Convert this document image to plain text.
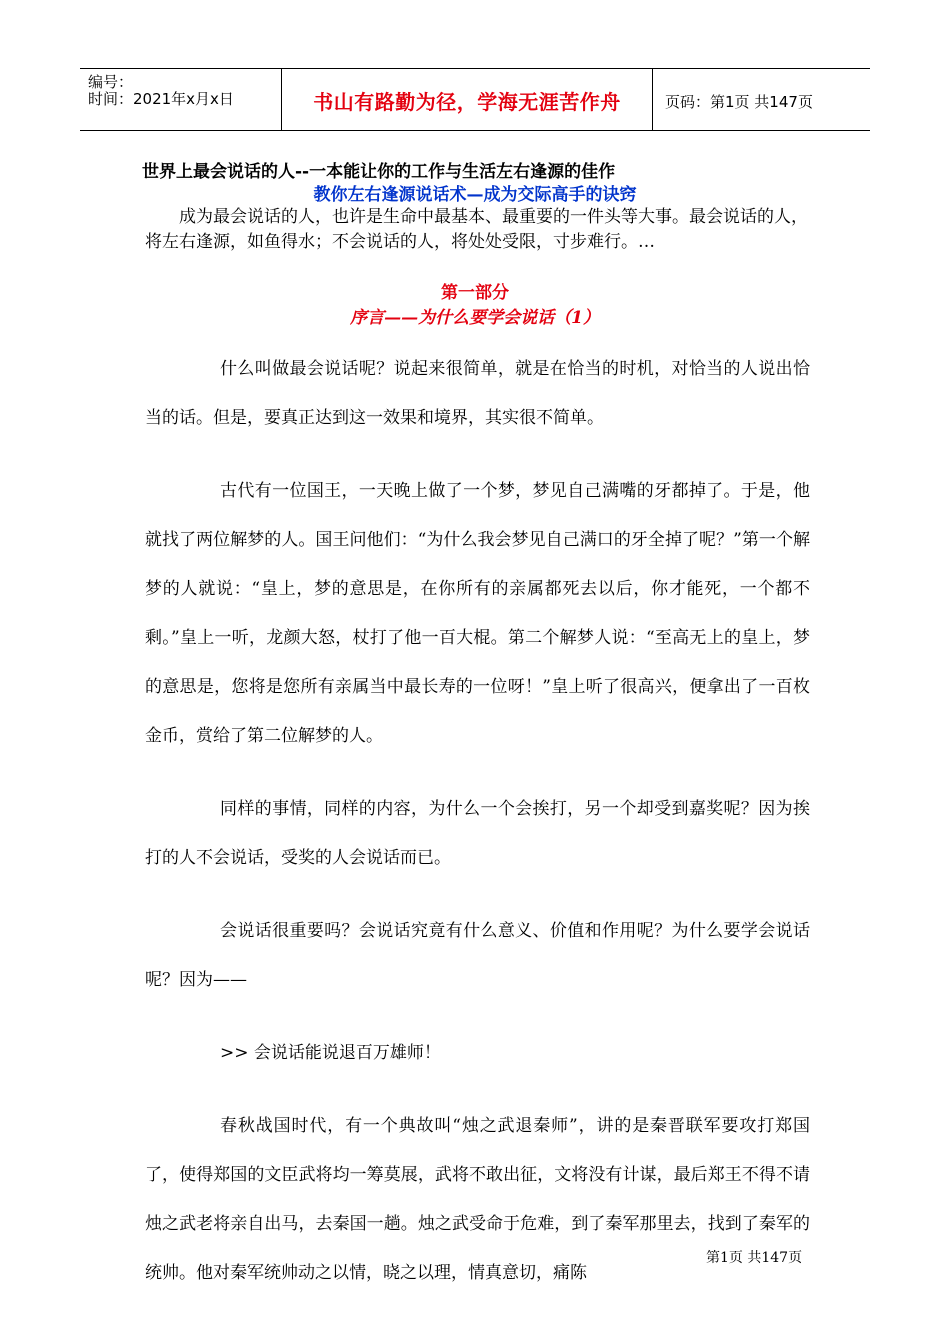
编号：
时间：2021年x月x日	书山有路勤为径，学海无涯苦作舟	页码：第1页 共147页
世界上最会说话的人--一本能让你的工作与生活左右逢源的佳作
教你左右逢源说话术—成为交际高手的诀窍
成为最会说话的人，也许是生命中最基本、最重要的一件头等大事。最会说话的人，将左右逢源，如鱼得水；不会说话的人，将处处受限，寸步难行。…
第一部分
序言——为什么要学会说话（1）

什么叫做最会说话呢？说起来很简单，就是在恰当的时机，对恰当的人说出恰当的话。但是，要真正达到这一效果和境界，其实很不简单。

古代有一位国王，一天晚上做了一个梦，梦见自己满嘴的牙都掉了。于是，他就找了两位解梦的人。国王问他们：“为什么我会梦见自己满口的牙全掉了呢？”第一个解梦的人就说：“皇上，梦的意思是，在你所有的亲属都死去以后，你才能死，一个都不剩。”皇上一听，龙颜大怒，杖打了他一百大棍。第二个解梦人说：“至高无上的皇上，梦的意思是，您将是您所有亲属当中最长寿的一位呀！”皇上听了很高兴，便拿出了一百枚金币，赏给了第二位解梦的人。

同样的事情，同样的内容，为什么一个会挨打，另一个却受到嘉奖呢？因为挨打的人不会说话，受奖的人会说话而已。

会说话很重要吗？会说话究竟有什么意义、价值和作用呢？为什么要学会说话呢？因为——

>> 会说话能说退百万雄师！

春秋战国时代，有一个典故叫“烛之武退秦师”，讲的是秦晋联军要攻打郑国了，使得郑国的文臣武将均一筹莫展，武将不敢出征，文将没有计谋，最后郑王不得不请烛之武老将亲自出马，去秦国一趟。烛之武受命于危难，到了秦军那里去，找到了秦军的统帅。他对秦军统帅动之以情，晓之以理，情真意切，痛陈

第1页 共147页
